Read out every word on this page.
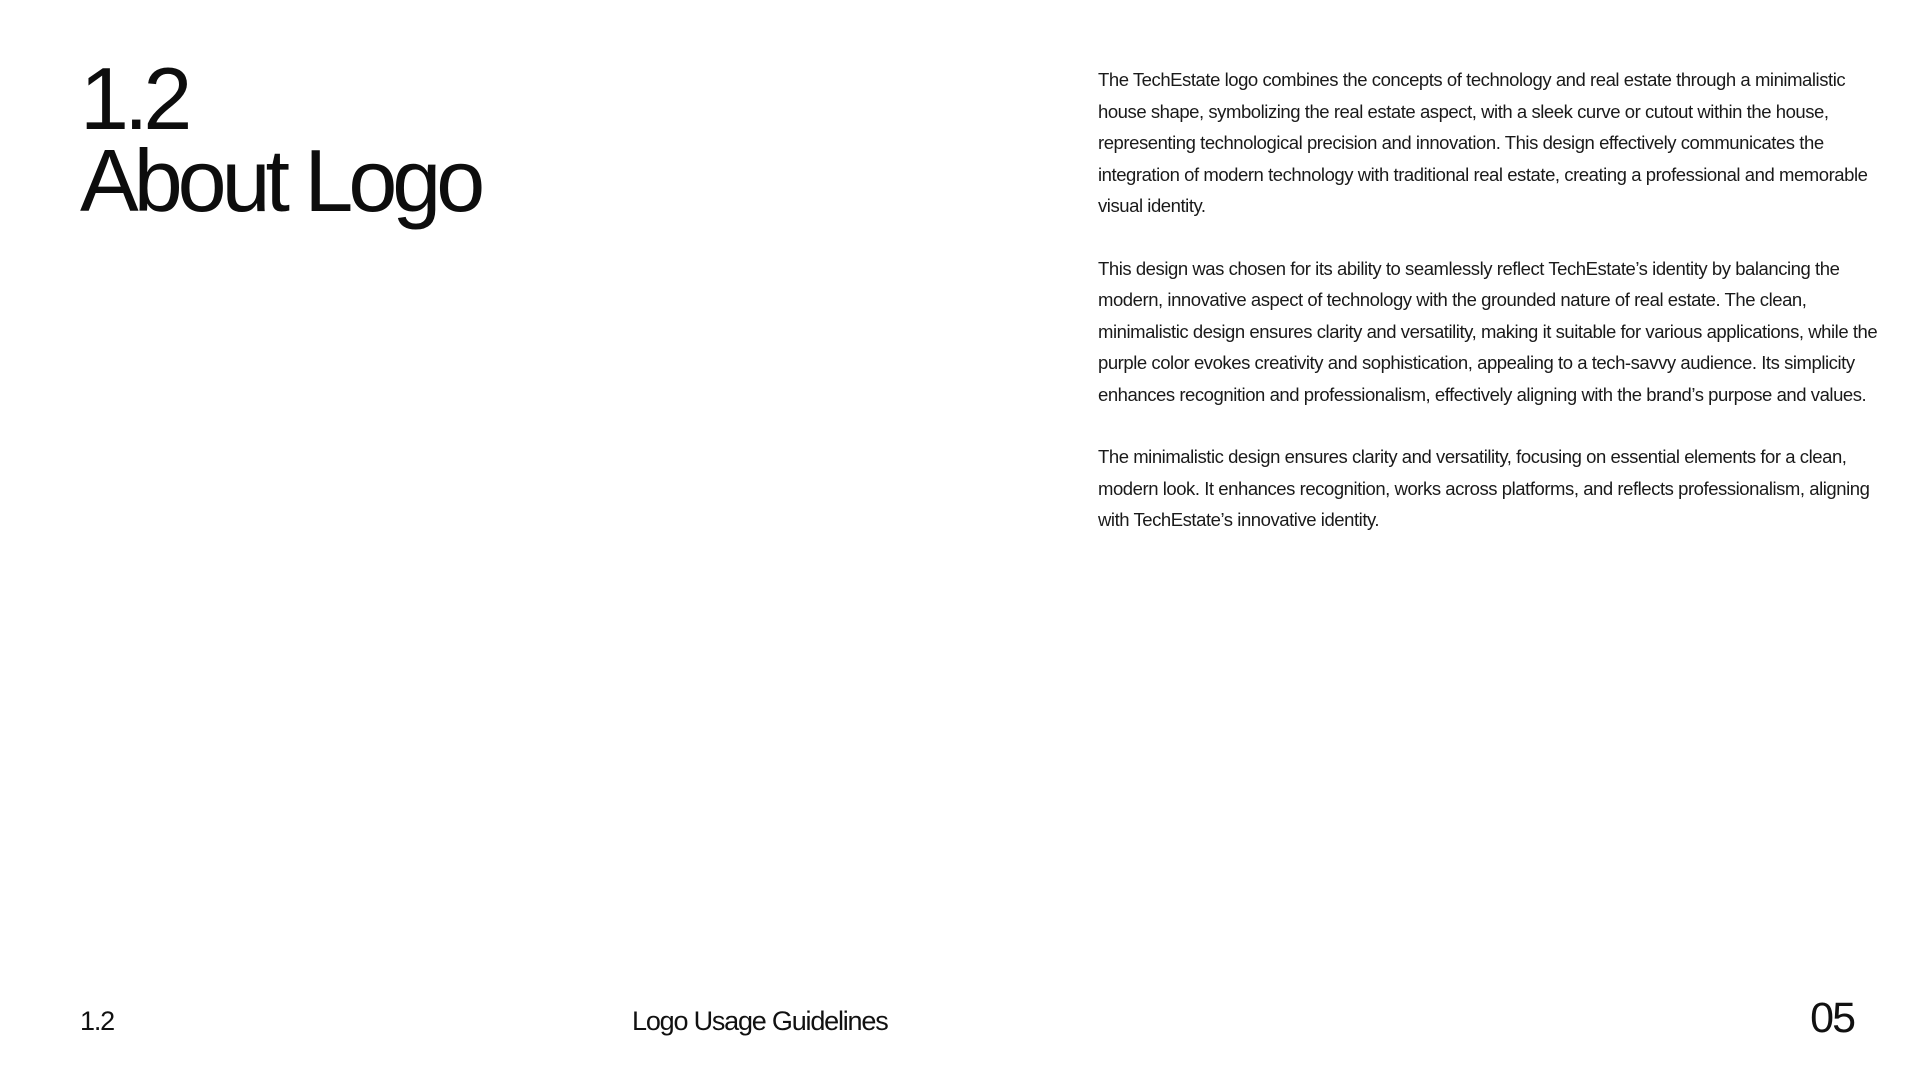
1.2
About Logo

The TechEstate logo combines the concepts of technology and real estate through a minimalistic house shape, symbolizing the real estate aspect, with a sleek curve or cutout within the house, representing technological precision and innovation. This design effectively communicates the integration of modern technology with traditional real estate, creating a professional and memorable visual identity.

This design was chosen for its ability to seamlessly reflect TechEstate’s identity by balancing the modern, innovative aspect of technology with the grounded nature of real estate. The clean, minimalistic design ensures clarity and versatility, making it suitable for various applications, while the purple color evokes creativity and sophistication, appealing to a tech-savvy audience. Its simplicity enhances recognition and professionalism, effectively aligning with the brand’s purpose and values.

The minimalistic design ensures clarity and versatility, focusing on essential elements for a clean, modern look. It enhances recognition, works across platforms, and reflects professionalism, aligning with TechEstate’s innovative identity.

1.2	Logo Usage Guidelines	05
